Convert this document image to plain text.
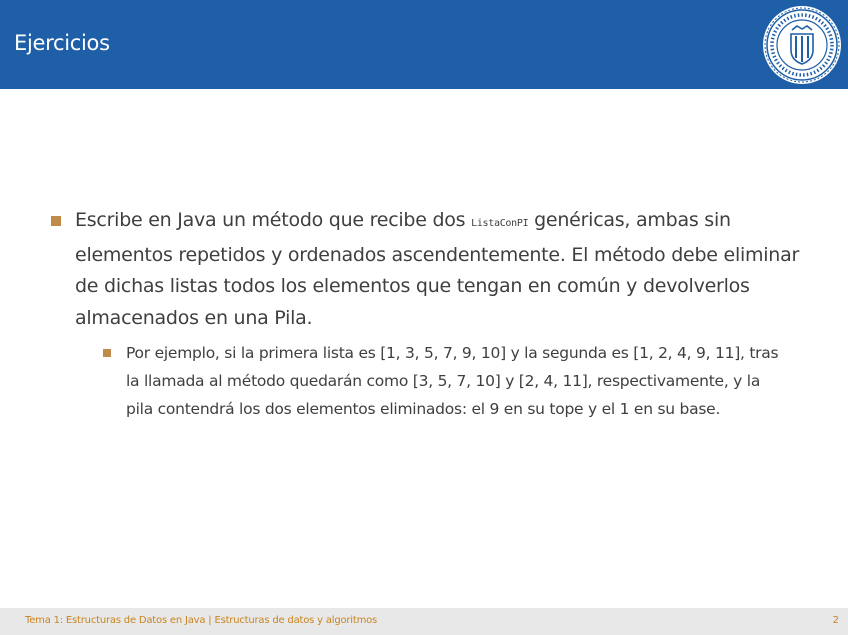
Ejercicios
Escribe en Java un método que recibe dos ListaConPI genéricas, ambas sin elementos repetidos y ordenados ascendentemente. El método debe eliminar de dichas listas todos los elementos que tengan en común y devolverlos almacenados en una Pila.
Por ejemplo, si la primera lista es [1, 3, 5, 7, 9, 10] y la segunda es [1, 2, 4, 9, 11], tras la llamada al método quedarán como [3, 5, 7, 10] y [2, 4, 11], respectivamente, y la pila contendrá los dos elementos eliminados: el 9 en su tope y el 1 en su base.
Tema 1: Estructuras de Datos en Java | Estructuras de datos y algoritmos	2
